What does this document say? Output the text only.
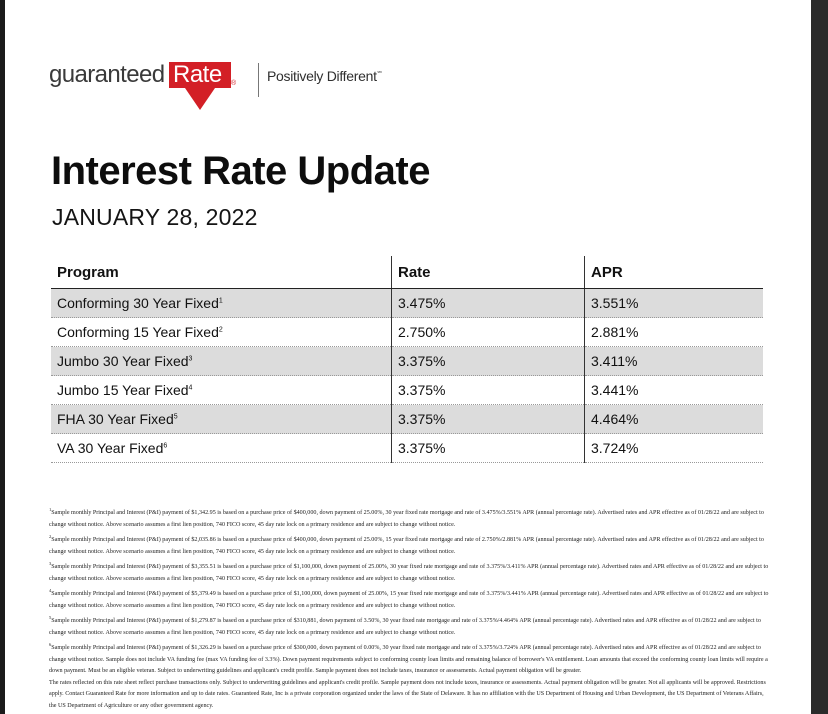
guaranteed Rate ® Positively Different℠
Interest Rate Update
JANUARY 28, 2022
Program	Rate	APR
Conforming 30 Year Fixed$^1$	3.475%	3.551%
Conforming 15 Year Fixed$^2$	2.750%	2.881%
Jumbo 30 Year Fixed$^3$	3.375%	3.411%
Jumbo 15 Year Fixed$^4$	3.375%	3.441%
FHA 30 Year Fixed$^5$	3.375%	4.464%
VA 30 Year Fixed$^6$	3.375%	3.724%

$^1$Sample monthly Principal and Interest (P&I) payment of $1,342.95 is based on a purchase price of $400,000, down payment of 25.00%, 30 year fixed rate mortgage and rate of 3.475%/3.551% APR (annual percentage rate). Advertised rates and APR effective as of 01/28/22 and are subject to change without notice. Above scenario assumes a first lien position, 740 FICO score, 45 day rate lock on a primary residence and are subject to change without notice.

$^2$Sample monthly Principal and Interest (P&I) payment of $2,035.86 is based on a purchase price of $400,000, down payment of 25.00%, 15 year fixed rate mortgage and rate of 2.750%/2.881% APR (annual percentage rate). Advertised rates and APR effective as of 01/28/22 and are subject to change without notice. Above scenario assumes a first lien position, 740 FICO score, 45 day rate lock on a primary residence and are subject to change without notice.

$^3$Sample monthly Principal and Interest (P&I) payment of $3,355.51 is based on a purchase price of $1,100,000, down payment of 25.00%, 30 year fixed rate mortgage and rate of 3.375%/3.411% APR (annual percentage rate). Advertised rates and APR effective as of 01/28/22 and are subject to change without notice. Above scenario assumes a first lien position, 740 FICO score, 45 day rate lock on a primary residence and are subject to change without notice.

$^4$Sample monthly Principal and Interest (P&I) payment of $5,379.49 is based on a purchase price of $1,100,000, down payment of 25.00%, 15 year fixed rate mortgage and rate of 3.375%/3.441% APR (annual percentage rate). Advertised rates and APR effective as of 01/28/22 and are subject to change without notice. Above scenario assumes a first lien position, 740 FICO score, 45 day rate lock on a primary residence and are subject to change without notice.

$^5$Sample monthly Principal and Interest (P&I) payment of $1,279.87 is based on a purchase price of $310,881, down payment of 3.50%, 30 year fixed rate mortgage and rate of 3.375%/4.464% APR (annual percentage rate). Advertised rates and APR effective as of 01/28/22 and are subject to change without notice. Above scenario assumes a first lien position, 740 FICO score, 45 day rate lock on a primary residence and are subject to change without notice.

$^6$Sample monthly Principal and Interest (P&I) payment of $1,326.29 is based on a purchase price of $300,000, down payment of 0.00%, 30 year fixed rate mortgage and rate of 3.375%/3.724% APR (annual percentage rate). Advertised rates and APR effective as of 01/28/22 and are subject to change without notice. Sample does not include VA funding fee (max VA funding fee of 3.3%). Down payment requirements subject to conforming county loan limits and remaining balance of borrower's VA entitlement. Loan amounts that exceed the conforming county loan limits will require a down payment. Must be an eligible veteran. Subject to underwriting guidelines and applicant's credit profile. Sample payment does not include taxes, insurance or assessments. Actual payment obligation will be greater.

The rates reflected on this rate sheet reflect purchase transactions only. Subject to underwriting guidelines and applicant's credit profile. Sample payment does not include taxes, insurance or assessments. Actual payment obligation will be greater. Not all applicants will be approved. Restrictions apply. Contact Guaranteed Rate for more information and up to date rates. Guaranteed Rate, Inc is a private corporation organized under the laws of the State of Delaware. It has no affiliation with the US Department of Housing and Urban Development, the US Department of Veterans Affairs, the US Department of Agriculture or any other government agency.
